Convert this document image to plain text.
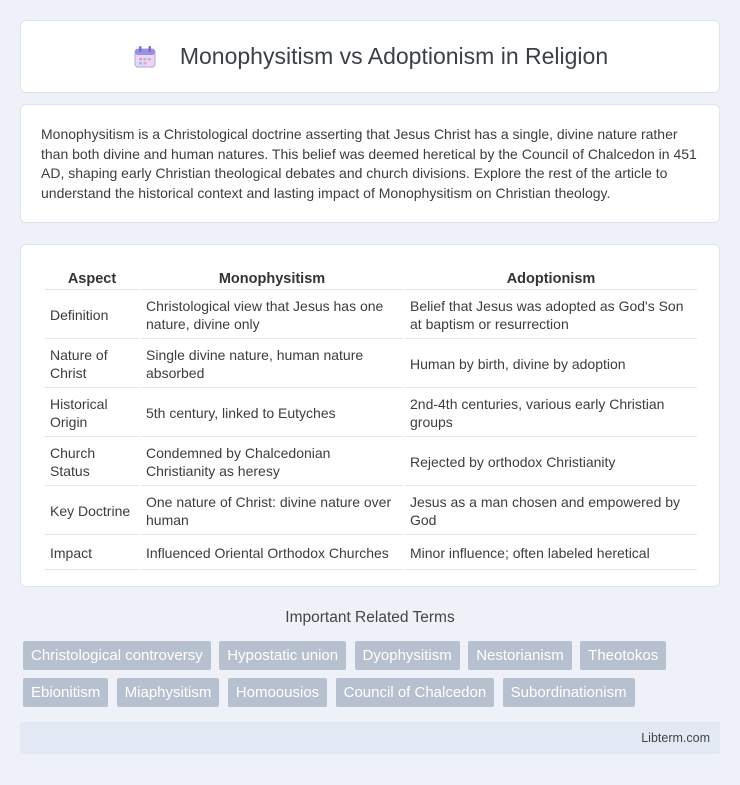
Monophysitism vs Adoptionism in Religion

Monophysitism is a Christological doctrine asserting that Jesus Christ has a single, divine nature rather than both divine and human natures. This belief was deemed heretical by the Council of Chalcedon in 451 AD, shaping early Christian theological debates and church divisions. Explore the rest of the article to understand the historical context and lasting impact of Monophysitism on Christian theology.

Aspect	Monophysitism	Adoptionism
Definition	Christological view that Jesus has one nature, divine only	Belief that Jesus was adopted as God's Son at baptism or resurrection
Nature of Christ	Single divine nature, human nature absorbed	Human by birth, divine by adoption
Historical Origin	5th century, linked to Eutyches	2nd-4th centuries, various early Christian groups
Church Status	Condemned by Chalcedonian Christianity as heresy	Rejected by orthodox Christianity
Key Doctrine	One nature of Christ: divine nature over human	Jesus as a man chosen and empowered by God
Impact	Influenced Oriental Orthodox Churches	Minor influence; often labeled heretical
Important Related Terms
Christological controversy Hypostatic union Dyophysitism Nestorianism Theotokos Ebionitism Miaphysitism Homoousios Council of Chalcedon Subordinationism
Libterm.com
